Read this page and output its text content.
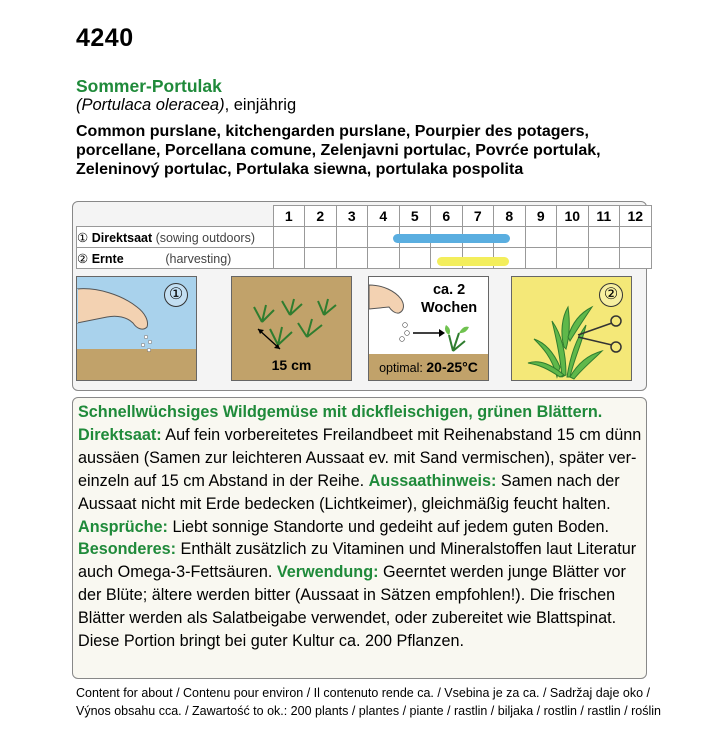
4240
Sommer-Portulak
(Portulaca oleracea), einjährig
Common purslane, kitchengarden purslane, Pourpier des potagers,
porcellane, Porcellana comune, Zelenjavni portulac, Povrće portulak,
Zeleninový portulac, Portulaka siewna, portulaka pospolita
	1	2	3	4	5	6	7	8	9	10	11	12
① Direktsaat (sowing outdoors)												
② Ernte (harvesting)												
①
15 cm
ca. 2
Wochen
optimal: 20-25°C
②
Schnellwüchsiges Wildgemüse mit dickfleischigen, grünen Blättern.
Direktsaat: Auf fein vorbereitetes Freilandbeet mit Reihenabstand 15 cm dünn
aussäen (Samen zur leichteren Aussaat ev. mit Sand vermischen), später ver-
einzeln auf 15 cm Abstand in der Reihe. Aussaathinweis: Samen nach der
Aussaat nicht mit Erde bedecken (Lichtkeimer), gleichmäßig feucht halten.
Ansprüche: Liebt sonnige Standorte und gedeiht auf jedem guten Boden.
Besonderes: Enthält zusätzlich zu Vitaminen und Mineralstoffen laut Literatur
auch Omega-3-Fettsäuren. Verwendung: Geerntet werden junge Blätter vor
der Blüte; ältere werden bitter (Aussaat in Sätzen empfohlen!). Die frischen
Blätter werden als Salatbeigabe verwendet, oder zubereitet wie Blattspinat.
Diese Portion bringt bei guter Kultur ca. 200 Pflanzen.
Content for about / Contenu pour environ / Il contenuto rende ca. / Vsebina je za ca. / Sadržaj daje oko /
Výnos obsahu cca. / Zawartość to ok.: 200 plants / plantes / piante / rastlin / biljaka / rostlin / rastlin / roślin
